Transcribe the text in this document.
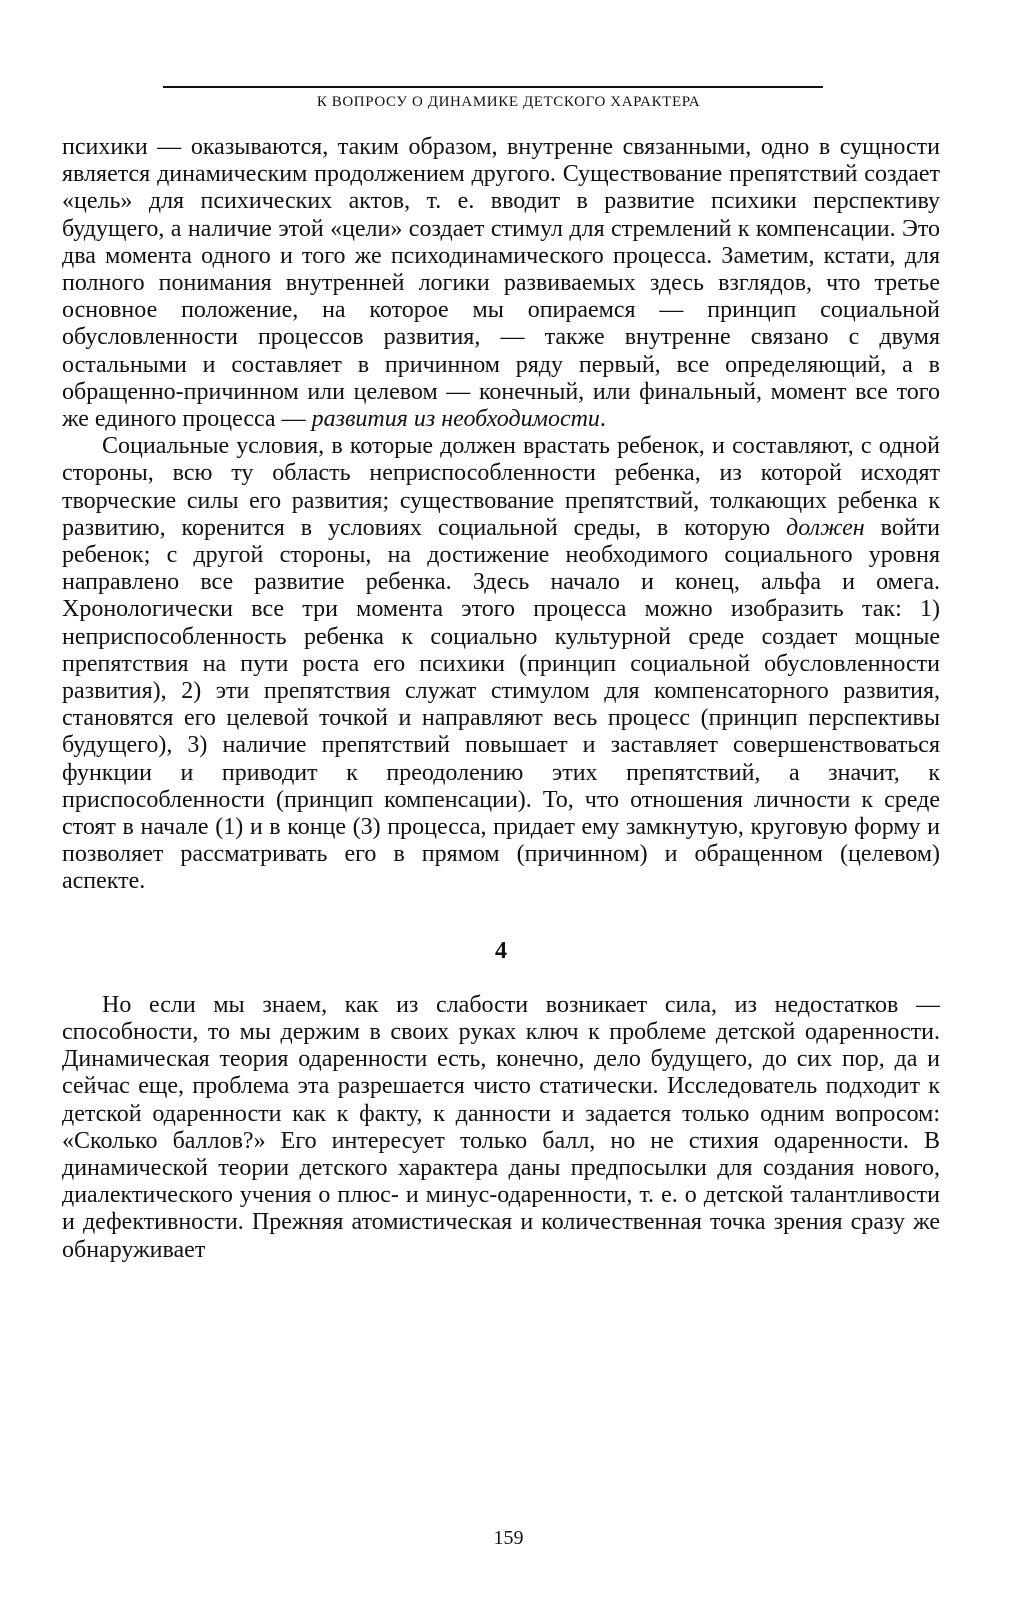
К ВОПРОСУ О ДИНАМИКЕ ДЕТСКОГО ХАРАКТЕРА

психики — оказываются, таким образом, внутренне связанными, одно в сущности является динамическим продолжением другого. Существование препятствий создает «цель» для психических актов, т. е. вводит в развитие психики перспективу будущего, а наличие этой «цели» создает стимул для стремлений к компенсации. Это два момента одного и того же психодинамического процесса. Заметим, кстати, для полного понимания внутренней логики развиваемых здесь взглядов, что третье основное положение, на которое мы опираемся — принцип социальной обусловленности процессов развития, — также внутренне связано с двумя остальными и составляет в причинном ряду первый, все определяющий, а в обращенно-причинном или целевом — конечный, или финальный, момент все того же единого процесса — развития из необходимости.

Социальные условия, в которые должен врастать ребенок, и составляют, с одной стороны, всю ту область неприспособленности ребенка, из которой исходят творческие силы его развития; существование препятствий, толкающих ребенка к развитию, коренится в условиях социальной среды, в которую должен войти ребенок; с другой стороны, на достижение необходимого социального уровня направлено все развитие ребенка. Здесь начало и конец, альфа и омега. Хронологически все три момента этого процесса можно изобразить так: 1) неприспособленность ребенка к социально культурной среде создает мощные препятствия на пути роста его психики (принцип социальной обусловленности развития), 2) эти препятствия служат стимулом для компенсаторного развития, становятся его целевой точкой и направляют весь процесс (принцип перспективы будущего), 3) наличие препятствий повышает и заставляет совершенствоваться функции и приводит к преодолению этих препятствий, а значит, к приспособленности (принцип компенсации). То, что отношения личности к среде стоят в начале (1) и в конце (3) процесса, придает ему замкнутую, круговую форму и позволяет рассматривать его в прямом (причинном) и обращенном (целевом) аспекте.

4

Но если мы знаем, как из слабости возникает сила, из недостатков — способности, то мы держим в своих руках ключ к проблеме детской одаренности. Динамическая теория одаренности есть, конечно, дело будущего, до сих пор, да и сейчас еще, проблема эта разрешается чисто статически. Исследователь подходит к детской одаренности как к факту, к данности и задается только одним вопросом: «Сколько баллов?» Его интересует только балл, но не стихия одаренности. В динамической теории детского характера даны предпосылки для создания нового, диалектического учения о плюс- и минус-одаренности, т. е. о детской талантливости и дефективности. Прежняя атомистическая и количественная точка зрения сразу же обнаруживает

159
